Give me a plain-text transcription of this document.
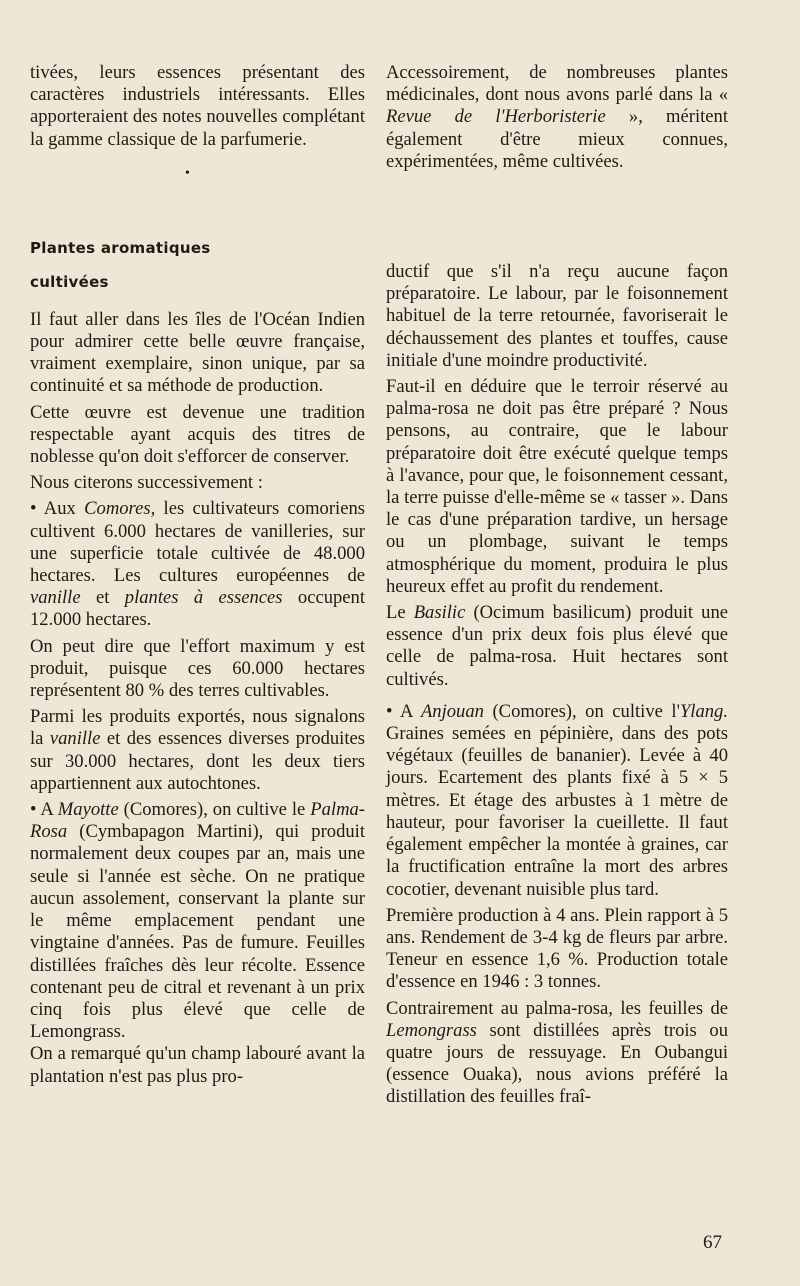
tivées, leurs essences présentant des caractères industriels intéressants. Elles apporteraient des notes nouvelles complétant la gamme classique de la parfumerie.

•
Plantes aromatiques
cultivées

Il faut aller dans les îles de l'Océan Indien pour admirer cette belle œuvre française, vraiment exemplaire, sinon unique, par sa continuité et sa méthode de production.

Cette œuvre est devenue une tradition respectable ayant acquis des titres de noblesse qu'on doit s'efforcer de conserver.

Nous citerons successivement :

• Aux Comores, les cultivateurs comoriens cultivent 6.000 hectares de vanilleries, sur une superficie totale cultivée de 48.000 hectares. Les cultures européennes de vanille et plantes à essences occupent 12.000 hectares.

On peut dire que l'effort maximum y est produit, puisque ces 60.000 hectares représentent 80 % des terres cultivables.

Parmi les produits exportés, nous signalons la vanille et des essences diverses produites sur 30.000 hectares, dont les deux tiers appartiennent aux autochtones.

• A Mayotte (Comores), on cultive le Palma-Rosa (Cymbapagon Martini), qui produit normalement deux coupes par an, mais une seule si l'année est sèche. On ne pratique aucun assolement, conservant la plante sur le même emplacement pendant une vingtaine d'années. Pas de fumure. Feuilles distillées fraîches dès leur récolte. Essence contenant peu de citral et revenant à un prix cinq fois plus élevé que celle de Lemongrass.

On a remarqué qu'un champ labouré avant la plantation n'est pas plus pro-

Accessoirement, de nombreuses plantes médicinales, dont nous avons parlé dans la « Revue de l'Herboristerie », méritent également d'être mieux connues, expérimentées, même cultivées.

ductif que s'il n'a reçu aucune façon préparatoire. Le labour, par le foisonnement habituel de la terre retournée, favoriserait le déchaussement des plantes et touffes, cause initiale d'une moindre productivité.

Faut-il en déduire que le terroir réservé au palma-rosa ne doit pas être préparé ? Nous pensons, au contraire, que le labour préparatoire doit être exécuté quelque temps à l'avance, pour que, le foisonnement cessant, la terre puisse d'elle-même se « tasser ». Dans le cas d'une préparation tardive, un hersage ou un plombage, suivant le temps atmosphérique du moment, produira le plus heureux effet au profit du rendement.

Le Basilic (Ocimum basilicum) produit une essence d'un prix deux fois plus élevé que celle de palma-rosa. Huit hectares sont cultivés.

• A Anjouan (Comores), on cultive l'Ylang. Graines semées en pépinière, dans des pots végétaux (feuilles de bananier). Levée à 40 jours. Ecartement des plants fixé à 5 × 5 mètres. Et étage des arbustes à 1 mètre de hauteur, pour favoriser la cueillette. Il faut également empêcher la montée à graines, car la fructification entraîne la mort des arbres cocotier, devenant nuisible plus tard.

Première production à 4 ans. Plein rapport à 5 ans. Rendement de 3-4 kg de fleurs par arbre. Teneur en essence 1,6 %. Production totale d'essence en 1946 : 3 tonnes.

Contrairement au palma-rosa, les feuilles de Lemongrass sont distillées après trois ou quatre jours de ressuyage. En Oubangui (essence Ouaka), nous avions préféré la distillation des feuilles fraî-

67
